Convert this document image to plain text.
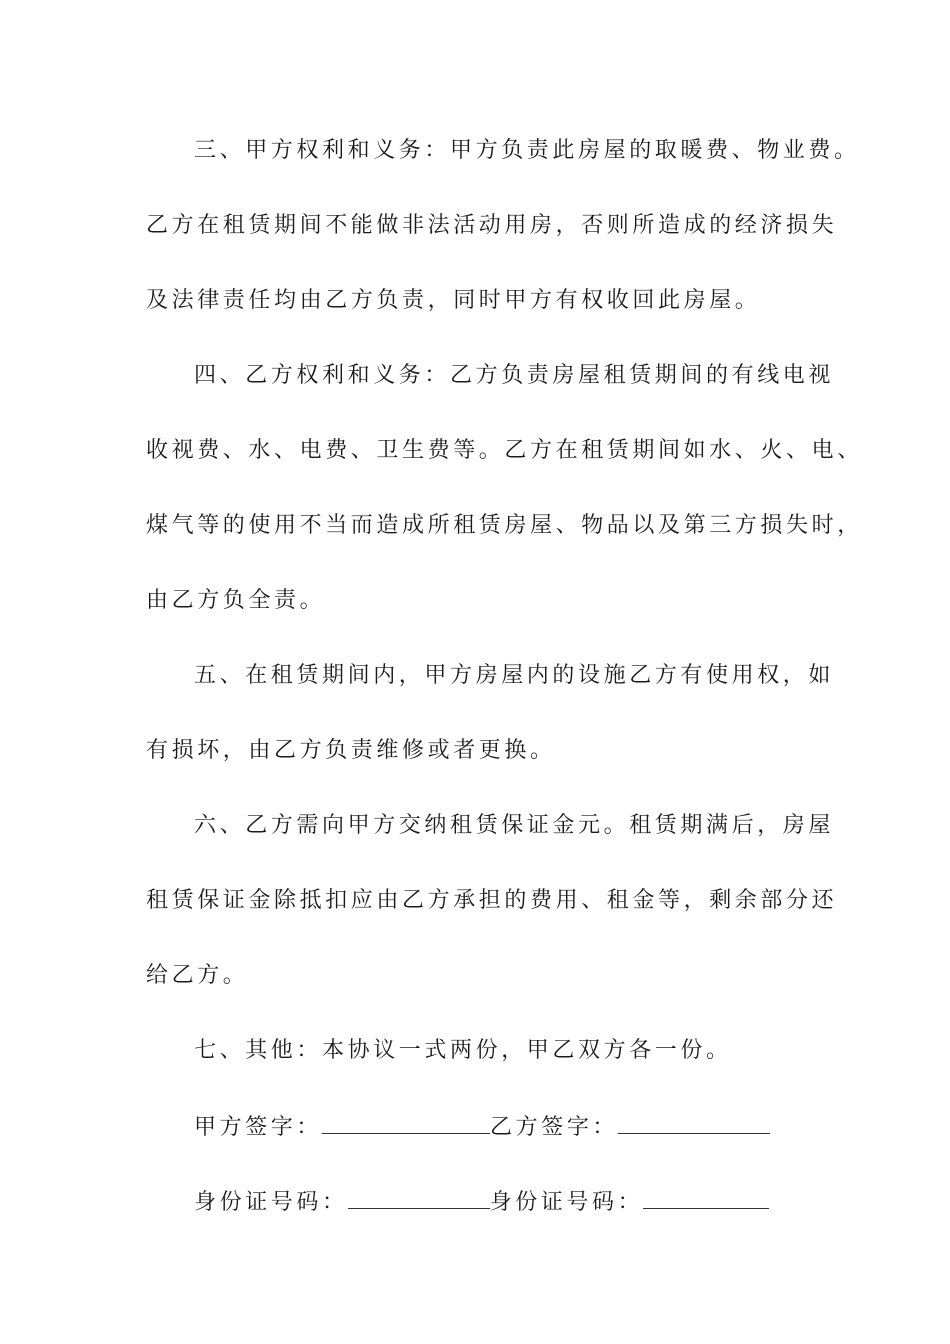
三、甲方权利和义务：甲方负责此房屋的取暖费、物业费。
乙方在租赁期间不能做非法活动用房，否则所造成的经济损失
及法律责任均由乙方负责，同时甲方有权收回此房屋。
四、乙方权利和义务：乙方负责房屋租赁期间的有线电视
收视费、水、电费、卫生费等。乙方在租赁期间如水、火、电、
煤气等的使用不当而造成所租赁房屋、物品以及第三方损失时，
由乙方负全责。
五、在租赁期间内，甲方房屋内的设施乙方有使用权，如
有损坏，由乙方负责维修或者更换。
六、乙方需向甲方交纳租赁保证金元。租赁期满后，房屋
租赁保证金除抵扣应由乙方承担的费用、租金等，剩余部分还
给乙方。
七、其他：本协议一式两份，甲乙双方各一份。
甲方签字：	乙方签字：
身份证号码：	身份证号码：
